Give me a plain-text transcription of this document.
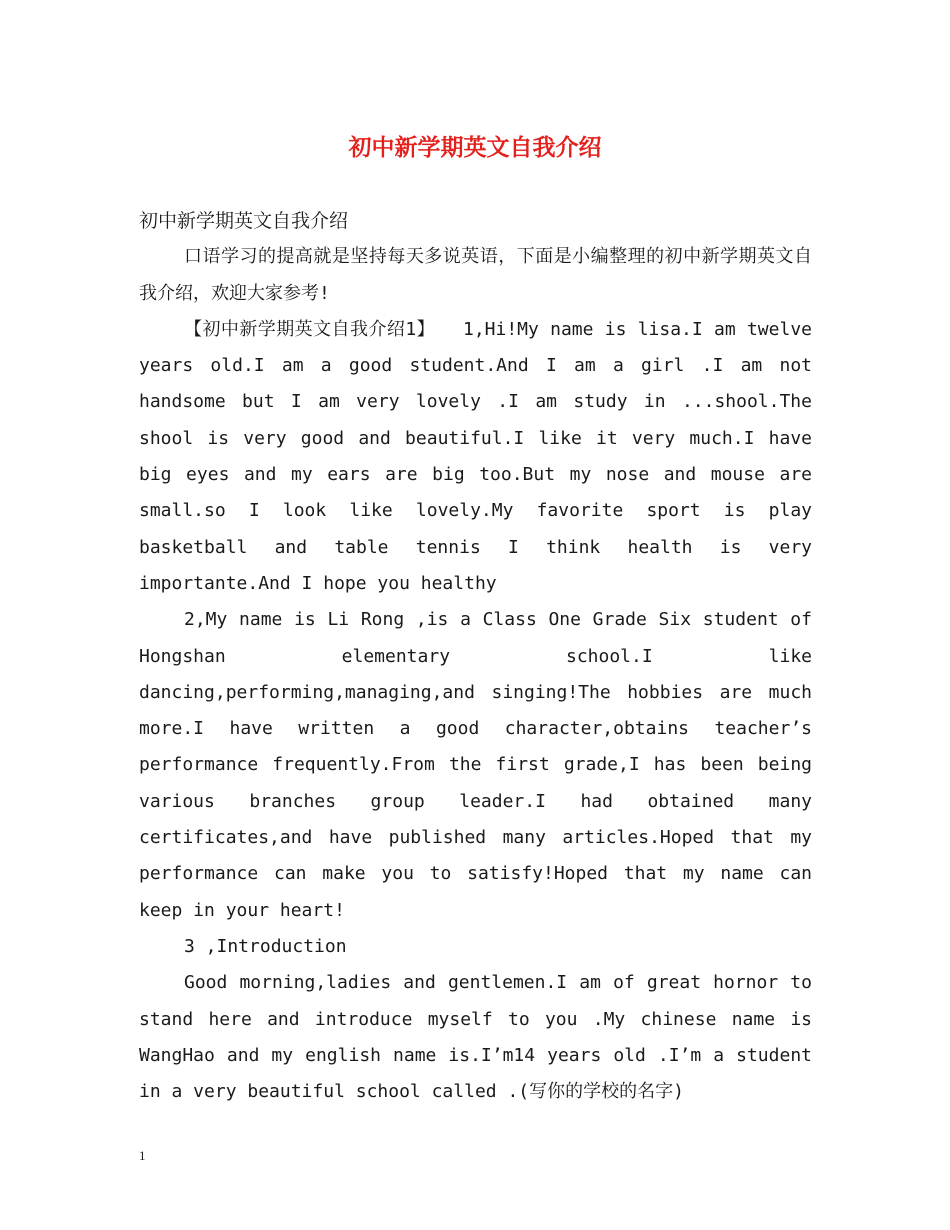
初中新学期英文自我介绍

初中新学期英文自我介绍

口语学习的提高就是坚持每天多说英语，下面是小编整理的初中新学期英文自我介绍，欢迎大家参考!

【初中新学期英文自我介绍1】　　1,Hi!My name is lisa.I am twelve years old.I am a good student.And I am a girl .I am not handsome but I am very lovely .I am study in ...shool.The shool is very good and beautiful.I like it very much.I have big eyes and my ears are big too.But my nose and mouse are small.so I look like lovely.My favorite sport is play basketball and table tennis I think health is very importante.And I hope you healthy

2,My name is Li Rong ,is a Class One Grade Six student of Hongshan elementary school.I like dancing,performing,managing,and singing!The hobbies are much more.I have written a good character,obtains teacher’s performance frequently.From the first grade,I has been being various branches group leader.I had obtained many certificates,and have published many articles.Hoped that my performance can make you to satisfy!Hoped that my name can keep in your heart!

3 ,Introduction

Good morning,ladies and gentlemen.I am of great hornor to stand here and introduce myself to you .My chinese name is WangHao and my english name is.I’m14 years old .I’m a student in a very beautiful school called .(写你的学校的名字)

1
